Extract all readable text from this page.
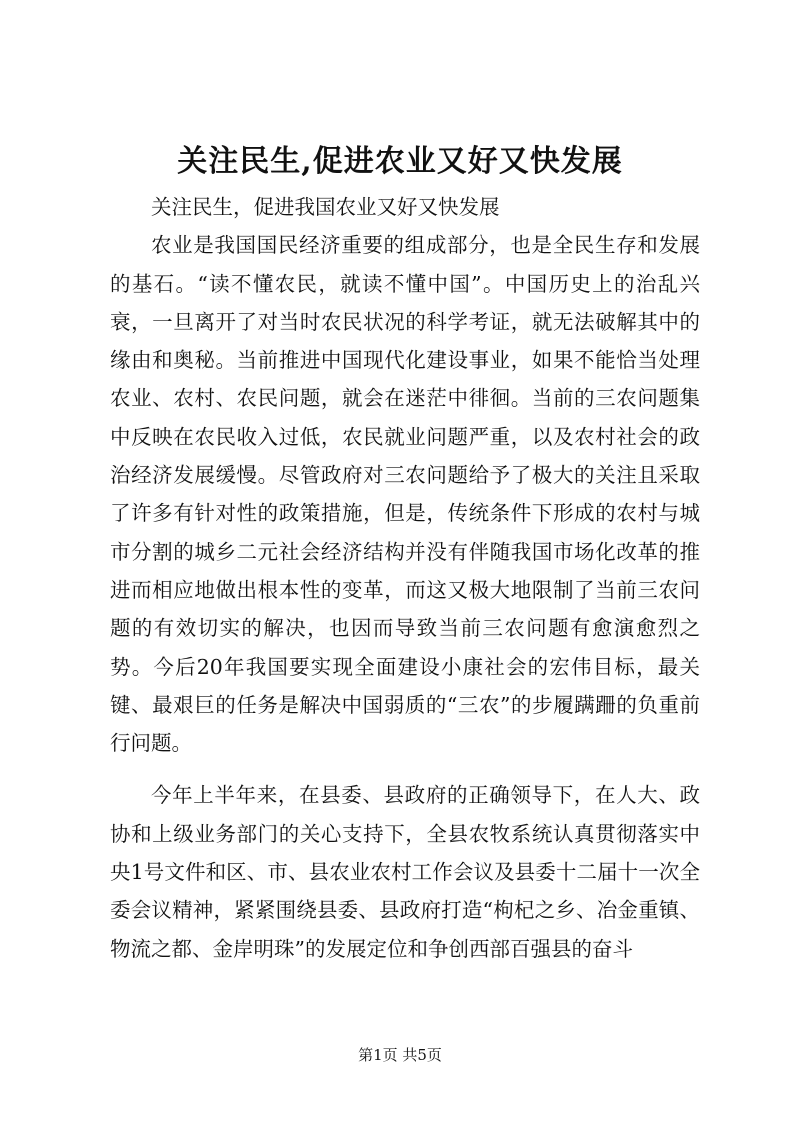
关注民生,促进农业又好又快发展

关注民生，促进我国农业又好又快发展

农业是我国国民经济重要的组成部分，也是全民生存和发展的基石。“读不懂农民，就读不懂中国”。中国历史上的治乱兴衰，一旦离开了对当时农民状况的科学考证，就无法破解其中的缘由和奥秘。当前推进中国现代化建设事业，如果不能恰当处理农业、农村、农民问题，就会在迷茫中徘徊。当前的三农问题集中反映在农民收入过低，农民就业问题严重，以及农村社会的政治经济发展缓慢。尽管政府对三农问题给予了极大的关注且采取了许多有针对性的政策措施，但是，传统条件下形成的农村与城市分割的城乡二元社会经济结构并没有伴随我国市场化改革的推进而相应地做出根本性的变革，而这又极大地限制了当前三农问题的有效切实的解决，也因而导致当前三农问题有愈演愈烈之势。今后20年我国要实现全面建设小康社会的宏伟目标，最关键、最艰巨的任务是解决中国弱质的“三农”的步履蹒跚的负重前行问题。

今年上半年来，在县委、县政府的正确领导下，在人大、政协和上级业务部门的关心支持下，全县农牧系统认真贯彻落实中央1号文件和区、市、县农业农村工作会议及县委十二届十一次全委会议精神，紧紧围绕县委、县政府打造“枸杞之乡、冶金重镇、物流之都、金岸明珠”的发展定位和争创西部百强县的奋斗

第1页 共5页
